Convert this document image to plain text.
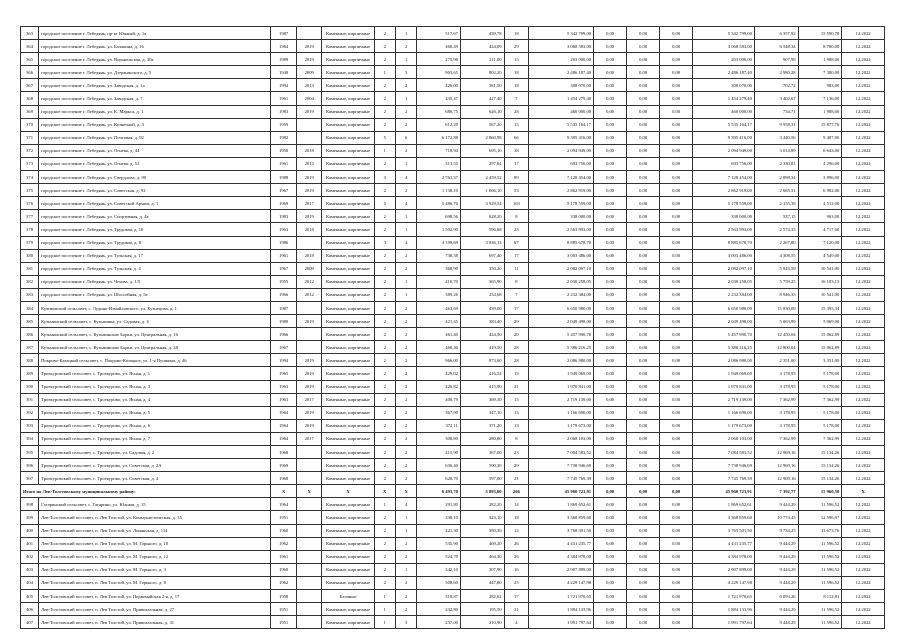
363	городское поселение г. Лебедянь, пр-кт Южный, д. 1а	1987		Каменные, кирпичные	2	1	517,67	439,78	18	5 342 799,00	0,00	0,00	0,00	5 342 799,00	6 357,92	15 590,78	12.2022
364	городское поселение г. Лебедянь, ул. Балакина, д. 16	1964	2019	Каменные, кирпичные	2	2	468,49	424,09	29	3 068 583,00	0,00	0,00	0,00	3 068 583,00	6 548,34	8 780,00	12.2022
365	городское поселение г. Лебедянь, ул. Воронежская, д. 30а	1989	2019	Каменные, кирпичные	2	1	275,98	211,00	15	203 000,00	0,00	0,00	0,00	203 000,00	907,99	1 988,00	12.2022
366	городское поселение г. Лебедянь, ул. Дзержинского, д. 5	1948	2009	Каменные, кирпичные	1	3	903,65	802,20	18	2 486 187,40	0,00	0,00	0,00	2 486 187,40	2 980,28	7 380,00	12.2022
367	городское поселение г. Лебедянь, ул. Заводская, д. 1а	1994	2013	Каменные, кирпичные	2	2	426,00	381,50	18	308 070,00	0,00	0,00	0,00	308 070,00	702,72	983,00	12.2022
368	городское поселение г. Лебедянь, ул. Заводская, д. 7	1961	2004	Каменные, кирпичные	2	1	435,47	427,40	7	1 454 279,40	0,00	0,00	0,00	1 454 279,40	3 402,67	7 136,00	12.2022
369	городское поселение г. Лебедянь, ул. К. Маркса, д. 1	1983	2019	Каменные, кирпичные	2	2	680,75	626,10	28	460 000,00	0,00	0,00	0,00	460 000,00	734,71	1 988,00	12.2022
370	городское поселение г. Лебедянь, ул. Кузнечной, д. 3	1959		Каменные, кирпичные	2	2	612,20	567,20	15	5 535 164,17	0,00	0,00	0,00	5 535 164,17	9 958,31	15 877,76	12.2022
371	городское поселение г. Лебедянь, ул. Почтовая, д. 92	1982		Каменные, кирпичные	5	6	6 172,88	2 860,98	66	9 395 416,00	0,00	0,00	0,00	9 395 416,00	3 440,56	9 487,00	12.2022
372	городское поселение г. Лебедянь, ул. Огнева, д. 44	1950	2018	Каменные, кирпичные	1	2	718,94	695,10	38	2 094 949,00	0,00	0,00	0,00	2 094 949,00	3 014,89	6 643,00	12.2022
373	городское поселение г. Лебедянь, ул. Огнева, д. 52	1961	2015	Каменные, кирпичные	2	1	313,55	297,64	17	693 756,00	0,00	0,00	0,00	693 756,00	2 330,81	4 296,00	12.2022
374	городское поселение г. Лебедянь, ул. Свердлова, д. 90	1988	2019	Каменные, кирпичные	3	4	2 763,37	2 459,52	89	7 128 454,00	0,00	0,00	0,00	7 128 454,00	2 898,34	3 896,00	12.2022
375	городское поселение г. Лебедянь, ул. Советская, д. 92	1967	2019	Каменные, кирпичные	2	2	1 138,10	1 066,10	53	2 862 919,00	0,00	0,00	0,00	2 862 919,00	2 685,31	6 982,00	12.2022
376	городское поселение г. Лебедянь, ул. Советской Армии, д. 1	1969	2017	Каменные, кирпичные	5	4	5 486,70	3 929,54	163	5 178 559,00	0,00	0,00	0,00	5 178 559,00	2 155,39	4 512,00	12.2022
377	городское поселение г. Лебедянь, ул. Спортивная, д. 4а	1983	2019	Каменные, кирпичные	2	1	698,56	628,20	8	338 000,00	0,00	0,00	0,00	338 000,00	537,15	963,00	12.2022
378	городское поселение г. Лебедянь, ул. Трудовая, д. 10	1963	2018	Каменные, кирпичные	2	1	1 502,90	596,68	23	2 563 993,00	0,00	0,00	0,00	2 563 993,00	2 574,35	4 717,00	12.2022
379	городское поселение г. Лебедянь, ул. Трудовая, д. 8	1986		Каменные, кирпичные	3	4	4 199,69	3 836,13	67	8 885 678,70	0,00	0,00	0,00	8 885 678,70	2 267,80	7 120,00	12.2022
380	городское поселение г. Лебедянь, ул. Тульская, д. 17	1961	2018	Каменные, кирпичные	2	2	738,38	697,40	17	3 003 486,00	0,00	0,00	0,00	3 003 486,00	4 308,55	4 549,00	12.2022
381	городское поселение г. Лебедянь, ул. Тульская, д. 4	1967	2009	Каменные, кирпичные	2	2	368,90	350,20	11	2 082 097,10	0,00	0,00	0,00	2 082 097,10	5 943,59	10 541,00	12.2022
382	городское поселение г. Лебедянь, ул. Чехова, д. 1/5	1955	2012	Каменные, кирпичные	2	1	410,70	365,90	8	2 030 258,05	0,00	0,00	0,00	2 030 258,05	5 759,25	16 183,13	12.2022
383	городское поселение г. Лебедянь, ул. Шоссейная, д. 5а	1966	2012	Каменные, кирпичные	2	1	389,26	254,68	7	2 232 384,00	0,00	0,00	0,00	2 232 384,00	8 946,35	10 541,00	12.2022
384	Куликовский сельсовет, с. Лудино-Измайловского, ул. Кузнецова, д. 1	1987		Каменные, кирпичные	2	2	463,69	439,00	17	6 650 980,09	0,00	0,00	0,00	6 650 980,09	15 830,09	15 395,34	12.2022
385	Кузьминский сельсовет, с. Кузьминка, ул. Садовая, д. 4	1980	2019	Каменные, кирпичные	2	2	421,45	383,40	29	2 049 498,00	0,00	0,00	0,00	2 049 498,00	5 063,99	5 069,00	12.2022
386	Кузьминский сельсовет, с. Кузьминские Борки, ул. Центральная, д. 16	1966		Каменные, кирпичные	2	2	461,40	424,50	20	5 457 990,70	0,00	0,00	0,00	5 457 990,70	12 450,04	15 062,89	12.2022
387	Кузьминский сельсовет, с. Кузьминские Борки, ул. Центральная, д. 28	1967		Каменные, кирпичные	2	2	468,40	419,50	28	5 386 216,25	0,00	0,00	0,00	5 386 216,25	12 800,04	15 062,89	12.2022
388	Покрово-Казацкий сельсовет, с. Покрово-Казацкое, ул. 1-я Пушкина, д. 46	1994	2019	Каменные, кирпичные	2	2	966,00	873,60	28	2 086 980,00	0,00	0,00	0,00	2 086 980,00	2 351,00	3 351,00	12.2022
389	Троекуровский сельсовет, с. Троекурово, ул. Ясная, д. 1	1965	2019	Каменные, кирпичные	2	2	429,02	416,54	13	1 949 069,00	0,00	0,00	0,00	1 949 069,00	3 178,95	5 178,00	12.2022
390	Троекуровский сельсовет, с. Троекурово, ул. Ясная, д. 3	1963	2019	Каменные, кирпичные	2	2	426,82	415,90	31	1 970 841,00	0,00	0,00	0,00	1 970 841,00	3 178,95	5 178,00	12.2022
391	Троекуровский сельсовет, с. Троекурово, ул. Ясная, д. 4	1963	2017	Каменные, кирпичные	2	2	400,79	369,30	15	2 719 139,00	0,00	0,00	0,00	2 719 139,00	7 362,99	7 362,99	12.2022
392	Троекуровский сельсовет, с. Троекурово, ул. Ясная, д. 5	1964	2019	Каменные, кирпичные	2	2	367,90	347,10	13	1 166 690,00	0,00	0,00	0,00	1 166 690,00	3 178,95	5 178,00	12.2022
393	Троекуровский сельсовет, с. Троекурово, ул. Ясная, д. 6	1964	2019	Каменные, кирпичные	2	2	372,11	371,20	13	1 179 673,00	0,00	0,00	0,00	1 179 673,00	3 178,95	5 178,00	12.2022
394	Троекуровский сельсовет, с. Троекурово, ул. Ясная, д. 7	1964	2017	Каменные, кирпичные	2	2	308,80	280,80	8	2 068 103,00	0,00	0,00	0,00	2 068 103,00	7 362,99	7 362,99	12.2022
395	Троекуровский сельсовет, с. Троекурово, ул. Садовая, д. 2	1968		Каменные, кирпичные	2	2	415,90	367,00	23	7 084 583,52	0,00	0,00	0,00	7 084 583,52	12 969,16	15 134,26	12.2022
396	Троекуровский сельсовет, с. Троекурово, ул. Советская, д. 2А	1969		Каменные, кирпичные	2	2	636,40	590,30	29	7 738 946,69	0,00	0,00	0,00	7 738 946,69	12 969,16	15 134,26	12.2022
397	Троекуровский сельсовет, с. Троекурово, ул. Советская, д. 4	1968		Каменные, кирпичные	2	2	628,70	597,00	21	7 745 769,39	0,00	0,00	0,00	7 745 769,39	12 969,16	15 134,26	12.2022
Итого по Лев-Толстовскому муниципальному району:		X	X	X	X	X	6 493,70	5 893,60	266	45 960 723,91	0,00	0,00	0,00	45 960 723,91	7 392,77	15 960,50	X
398	Гагаринский сельсовет, с. Гагарино, ул. Южная, д. 15	1964		Каменные, кирпичные	1	4	291,80	282,20	14	1 869 652,61	0,00	0,00	0,00	1 869 652,61	9 444,29	11 596,52	12.2022
399	Лев-Толстовский поссовет, п. Лев Толстой, ул. Коммунистическая, д. 35	1951		Каменные, кирпичные	2	1	338,10	323,10	18	3 368 859,60	0,00	0,00	0,00	3 368 859,60	10 774,45	12 596,97	12.2022
400	Лев-Толстовский поссовет, п. Лев Толстой, ул. Ленинская, д. 114	1960		Каменные, кирпичные	2	1	421,30	380,30	12	3 768 301,50	0,00	0,00	0,00	3 765 501,50	9 734,25	11 673,76	12.2022
401	Лев-Толстовский поссовет, п. Лев Толстой, ул. М. Горького, д. 10	1962		Каменные, кирпичные	2	2	535,90	469,20	26	4 431 235,77	0,00	0,00	0,00	4 431 235,77	9 444,29	11 596,52	12.2022
402	Лев-Толстовский поссовет, п. Лев Толстой, ул. М. Горького, д. 12	1961		Каменные, кирпичные	2	2	524,70	464,30	26	4 384 978,00	0,00	0,00	0,00	4 384 978,00	9 444,29	11 596,52	12.2022
403	Лев-Толстовский поссовет, п. Лев Толстой, ул. М. Горького, д. 3	1960		Каменные, кирпичные	2	1	342,10	307,90	16	2 907 899,00	0,00	0,00	0,00	2 907 899,00	9 444,29	11 596,52	12.2022
404	Лев-Толстовский поссовет, п. Лев Толстой, ул. М. Горького, д. 8	1962		Каменные, кирпичные	2	2	508,60	447,80	25	4 229 147,98	0,00	0,00	0,00	4 229 147,98	9 444,29	11 596,52	12.2022
405	Лев-Толстовский поссовет, п. Лев Толстой, ул. Первомайская 2-я, д. 17	1958		Блочные	1	2	318,87	282,62	17	1 721 970,65	0,00	0,00	0,00	1 721 970,65	6 093,26	8 112,81	12.2022
406	Лев-Толстовский поссовет, п. Лев Толстой, ул. Привокзальная, д. 27	1951		Каменные, кирпичные	1	2	232,80	195,50	21	1 884 133,96	0,00	0,00	0,00	1 884 133,96	9 444,29	11 596,52	12.2022
407	Лев-Толстовский поссовет, п. Лев Толстой, ул. Привокзальная, д. 31	1951		Каменные, кирпичные	1	3	237,00	210,90	4	1 991 797,64	0,00	0,00	0,00	1 991 797,64	9 444,29	11 596,52	12.2022
